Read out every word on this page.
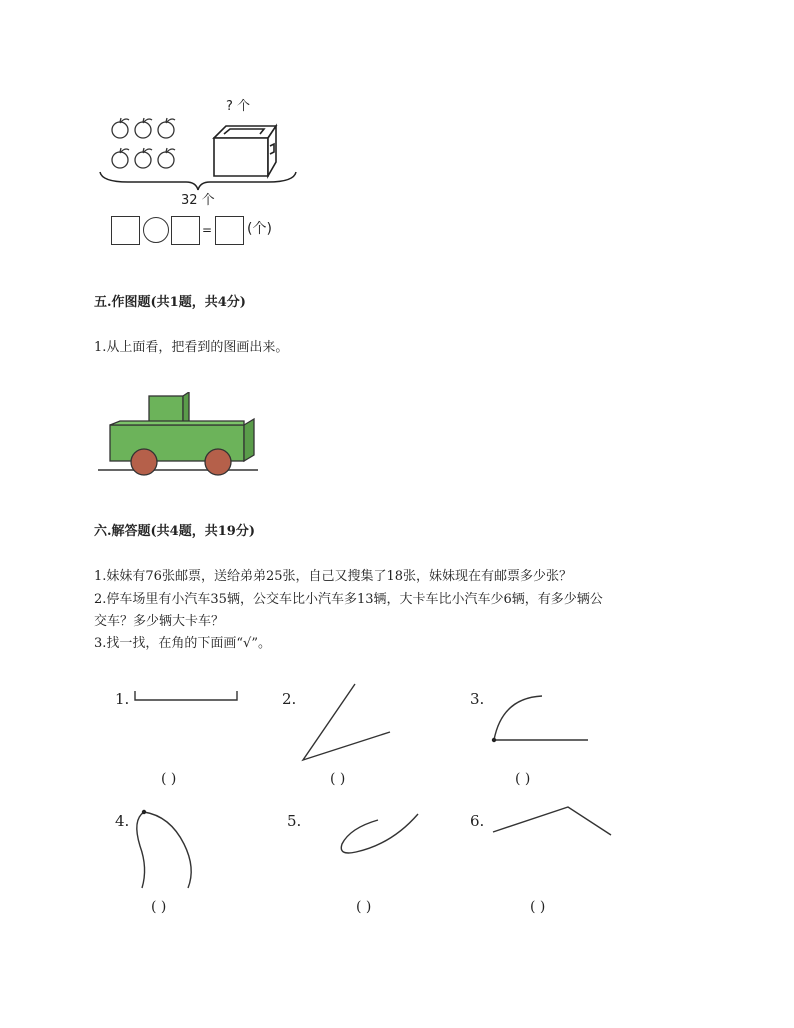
? 个
32 个
= (个)
五.作图题(共1题，共4分)
1.从上面看，把看到的图画出来。
六.解答题(共4题，共19分)
1.妹妹有76张邮票，送给弟弟25张，自己又搜集了18张，妹妹现在有邮票多少张？
2.停车场里有小汽车35辆，公交车比小汽车多13辆，大卡车比小汽车少6辆，有多少辆公
交车？多少辆大卡车？
3.找一找，在角的下面画“√”。
1.
( )
2.
( )
3.
( )
4.
( )
5.
( )
6.
( )
